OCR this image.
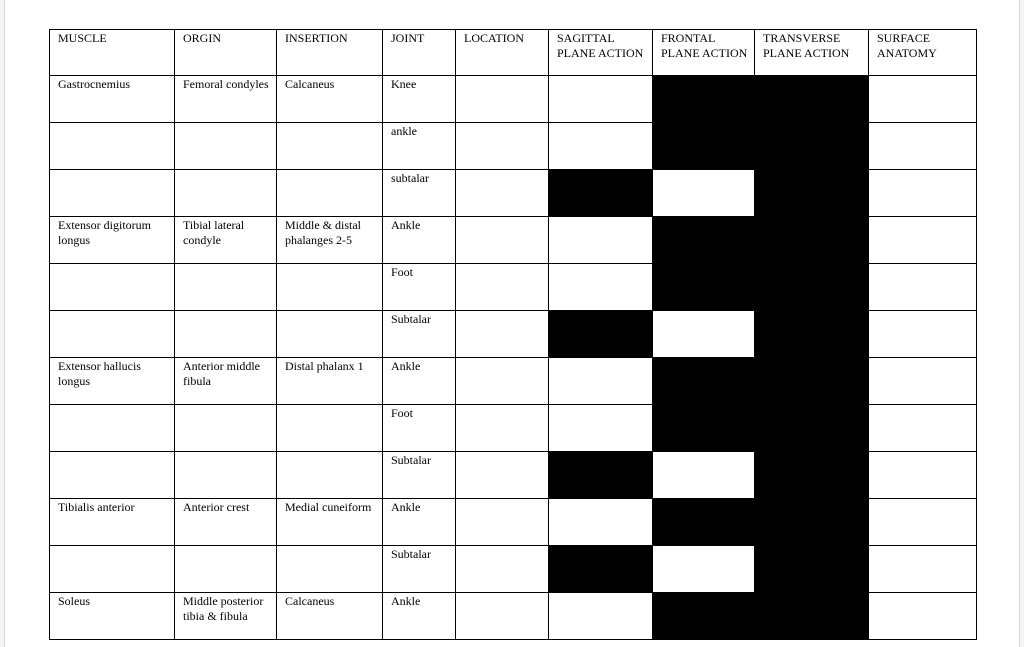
MUSCLE	ORGIN	INSERTION	JOINT	LOCATION	SAGITTAL PLANE ACTION	FRONTAL PLANE ACTION	TRANSVERSE PLANE ACTION	SURFACE ANATOMY
Gastrocnemius	Femoral condyles	Calcaneus	Knee					
			ankle					
			subtalar					
Extensor digitorum longus	Tibial lateral condyle	Middle & distal phalanges 2-5	Ankle					
			Foot					
			Subtalar					
Extensor hallucis longus	Anterior middle fibula	Distal phalanx 1	Ankle					
			Foot					
			Subtalar					
Tibialis anterior	Anterior crest	Medial cuneiform	Ankle					
			Subtalar					
Soleus	Middle posterior tibia & fibula	Calcaneus	Ankle					
